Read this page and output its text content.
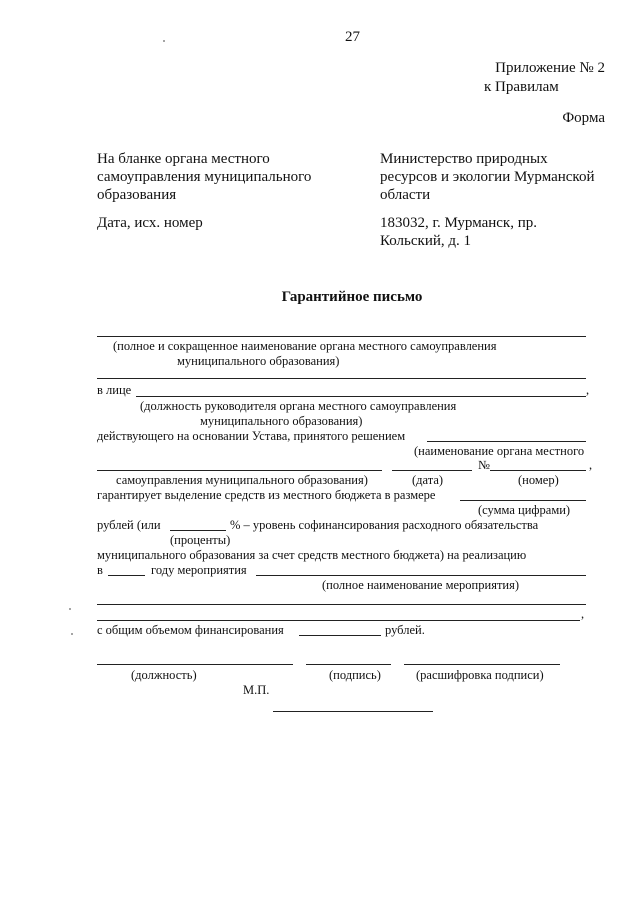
27
Приложение № 2
к Правилам
Форма
На бланке органа местного
самоуправления муниципального
образования
Дата, исх. номер
Министерство природных
ресурсов и экологии Мурманской
области
183032, г. Мурманск, пр.
Кольский, д. 1
Гарантийное письмо
(полное и сокращенное наименование органа местного самоуправления
муниципального образования)
в лице	,
(должность руководителя органа местного самоуправления
муниципального образования)
действующего на основании Устава, принятого решением
(наименование органа местного
№	,
самоуправления муниципального образования)	(дата)	(номер)
гарантирует выделение средств из местного бюджета в размере
(сумма цифрами)
рублей (или	% – уровень софинансирования расходного обязательства
(проценты)
муниципального образования за счет средств местного бюджета) на реализацию
в	году мероприятия
(полное наименование мероприятия)
,
с общим объемом финансирования	рублей.
(должность)	(подпись)	(расшифровка подписи)
М.П.
